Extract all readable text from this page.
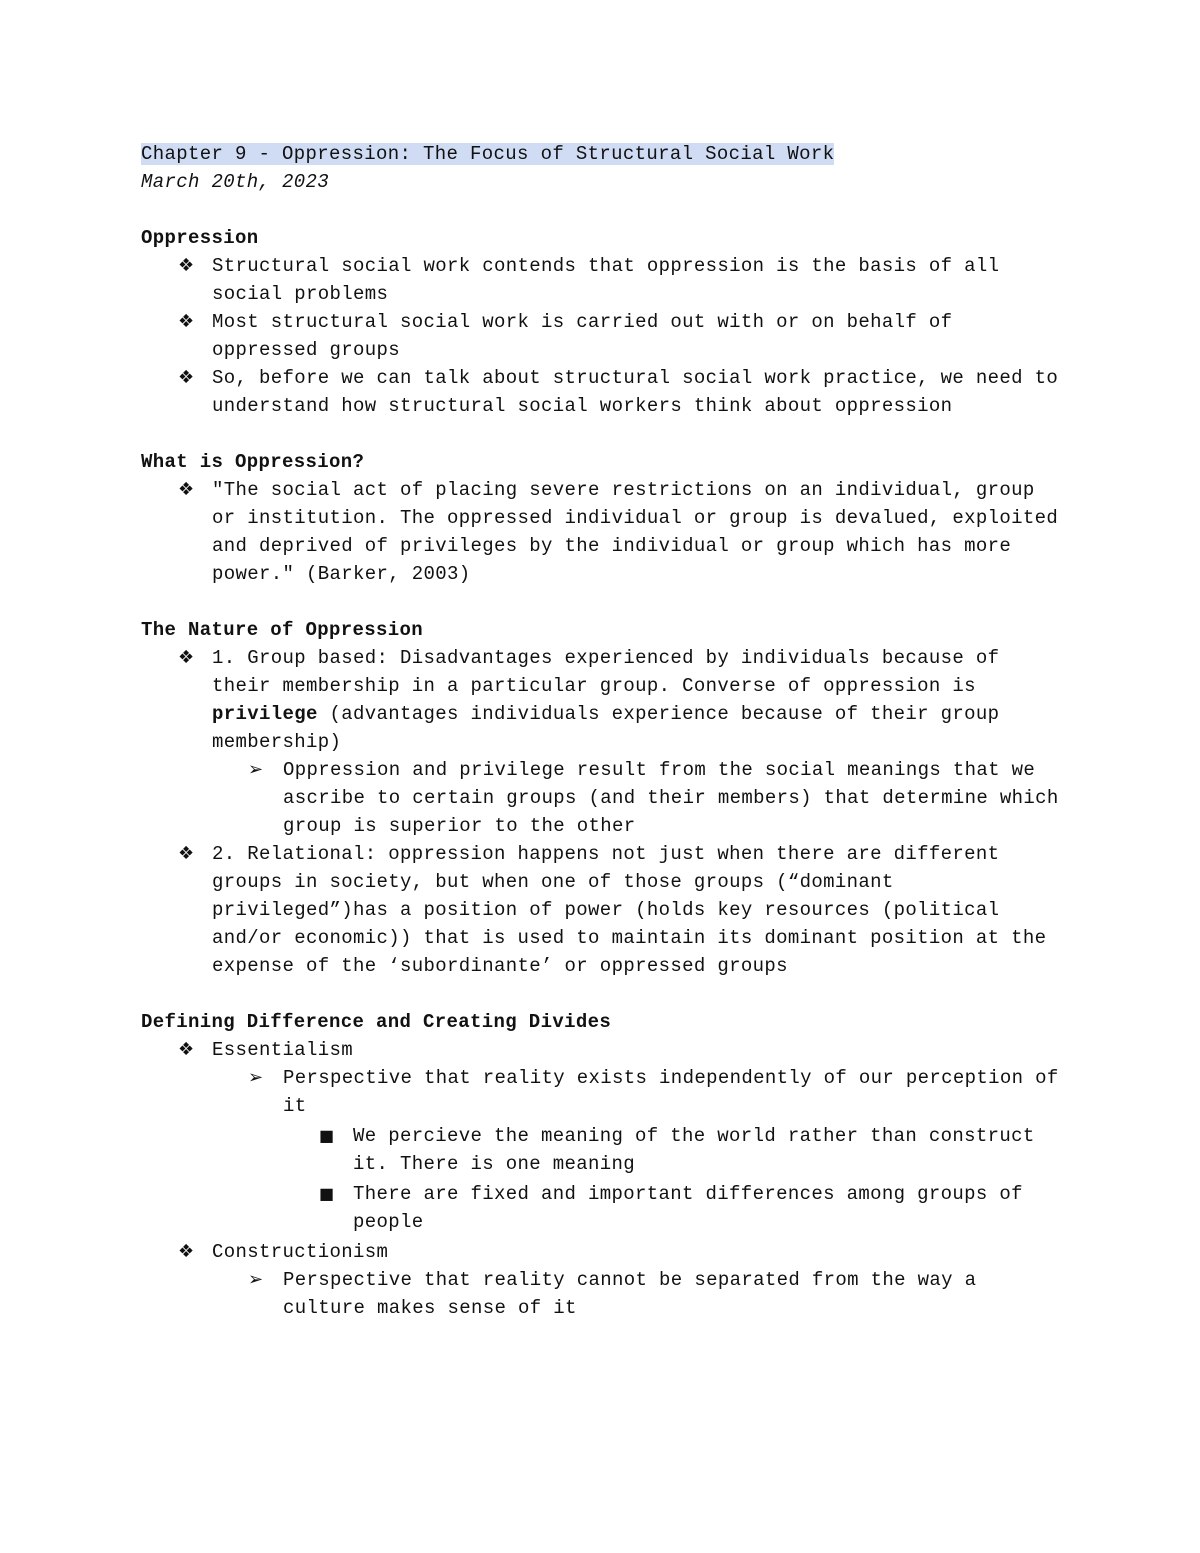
Chapter 9 - Oppression: The Focus of Structural Social Work
March 20th, 2023
Oppression
❖ Structural social work contends that oppression is the basis of all social problems
❖ Most structural social work is carried out with or on behalf of oppressed groups
❖ So, before we can talk about structural social work practice, we need to understand how structural social workers think about oppression
What is Oppression?
❖ "The social act of placing severe restrictions on an individual, group or institution. The oppressed individual or group is devalued, exploited and deprived of privileges by the individual or group which has more power." (Barker, 2003)
The Nature of Oppression
❖ 1. Group based: Disadvantages experienced by individuals because of their membership in a particular group. Converse of oppression is privilege (advantages individuals experience because of their group membership)
➢	Oppression and privilege result from the social meanings that we ascribe to certain groups (and their members) that determine which group is superior to the other
❖ 2. Relational: oppression happens not just when there are different groups in society, but when one of those groups (“dominant privileged”)has a position of power (holds key resources (political and/or economic)) that is used to maintain its dominant position at the expense of the ‘subordinante’ or oppressed groups
Defining Difference and Creating Divides
❖ Essentialism
➢	Perspective that reality exists independently of our perception of it
■ We percieve the meaning of the world rather than construct it. There is one meaning
■ There are fixed and important differences among groups of people
❖ Constructionism
➢	Perspective that reality cannot be separated from the way a culture makes sense of it
